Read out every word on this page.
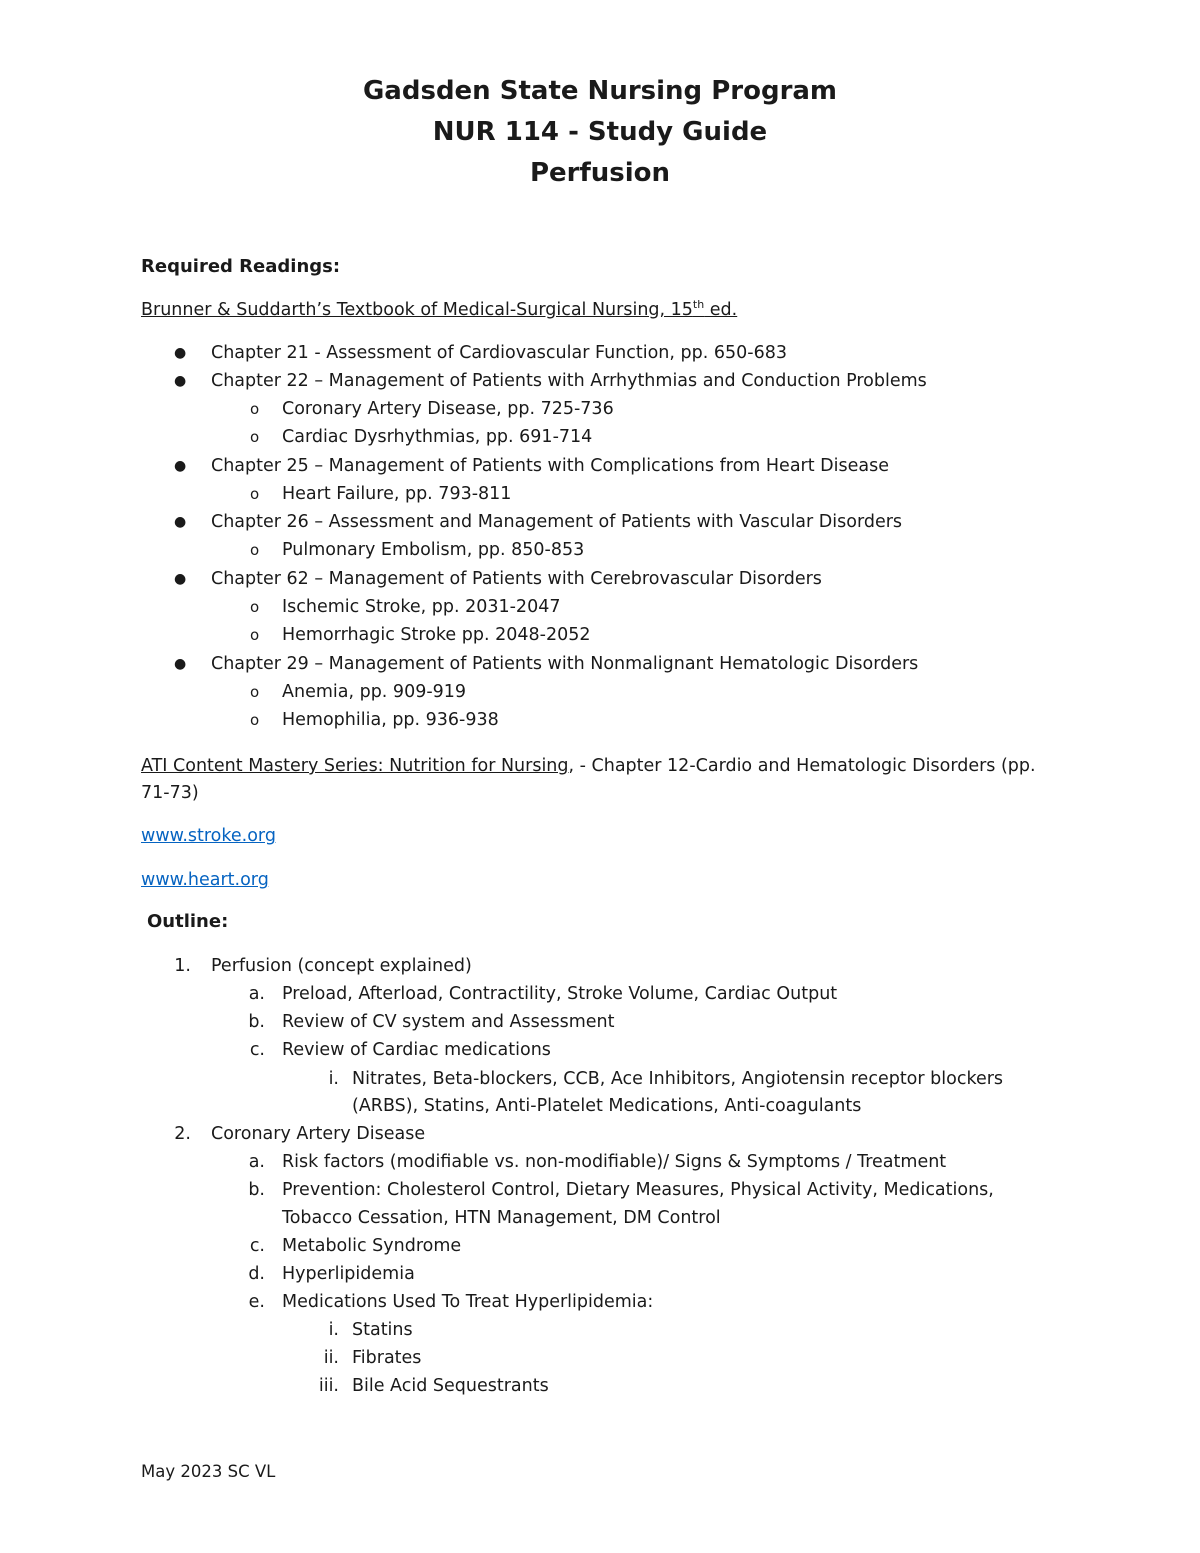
Gadsden State Nursing Program
NUR 114 - Study Guide
Perfusion
Required Readings:
Brunner & Suddarth’s Textbook of Medical-Surgical Nursing, 15th ed.
● Chapter 21 - Assessment of Cardiovascular Function, pp. 650-683
● Chapter 22 – Management of Patients with Arrhythmias and Conduction Problems
o Coronary Artery Disease, pp. 725-736
o Cardiac Dysrhythmias, pp. 691-714
● Chapter 25 – Management of Patients with Complications from Heart Disease
o Heart Failure, pp. 793-811
● Chapter 26 – Assessment and Management of Patients with Vascular Disorders
o Pulmonary Embolism, pp. 850-853
● Chapter 62 – Management of Patients with Cerebrovascular Disorders
o Ischemic Stroke, pp. 2031-2047
o Hemorrhagic Stroke pp. 2048-2052
● Chapter 29 – Management of Patients with Nonmalignant Hematologic Disorders
o Anemia, pp. 909-919
o Hemophilia, pp. 936-938
ATI Content Mastery Series: Nutrition for Nursing, - Chapter 12-Cardio and Hematologic Disorders (pp.
71-73)
www.stroke.org
www.heart.org
Outline:
1. Perfusion (concept explained)
a. Preload, Afterload, Contractility, Stroke Volume, Cardiac Output
b. Review of CV system and Assessment
c. Review of Cardiac medications
i. Nitrates, Beta-blockers, CCB, Ace Inhibitors, Angiotensin receptor blockers
(ARBS), Statins, Anti-Platelet Medications, Anti-coagulants
2. Coronary Artery Disease
a. Risk factors (modifiable vs. non-modifiable)/ Signs & Symptoms / Treatment
b. Prevention: Cholesterol Control, Dietary Measures, Physical Activity, Medications,
Tobacco Cessation, HTN Management, DM Control
c. Metabolic Syndrome
d. Hyperlipidemia
e. Medications Used To Treat Hyperlipidemia:
i. Statins
ii. Fibrates
iii. Bile Acid Sequestrants
May 2023 SC VL
